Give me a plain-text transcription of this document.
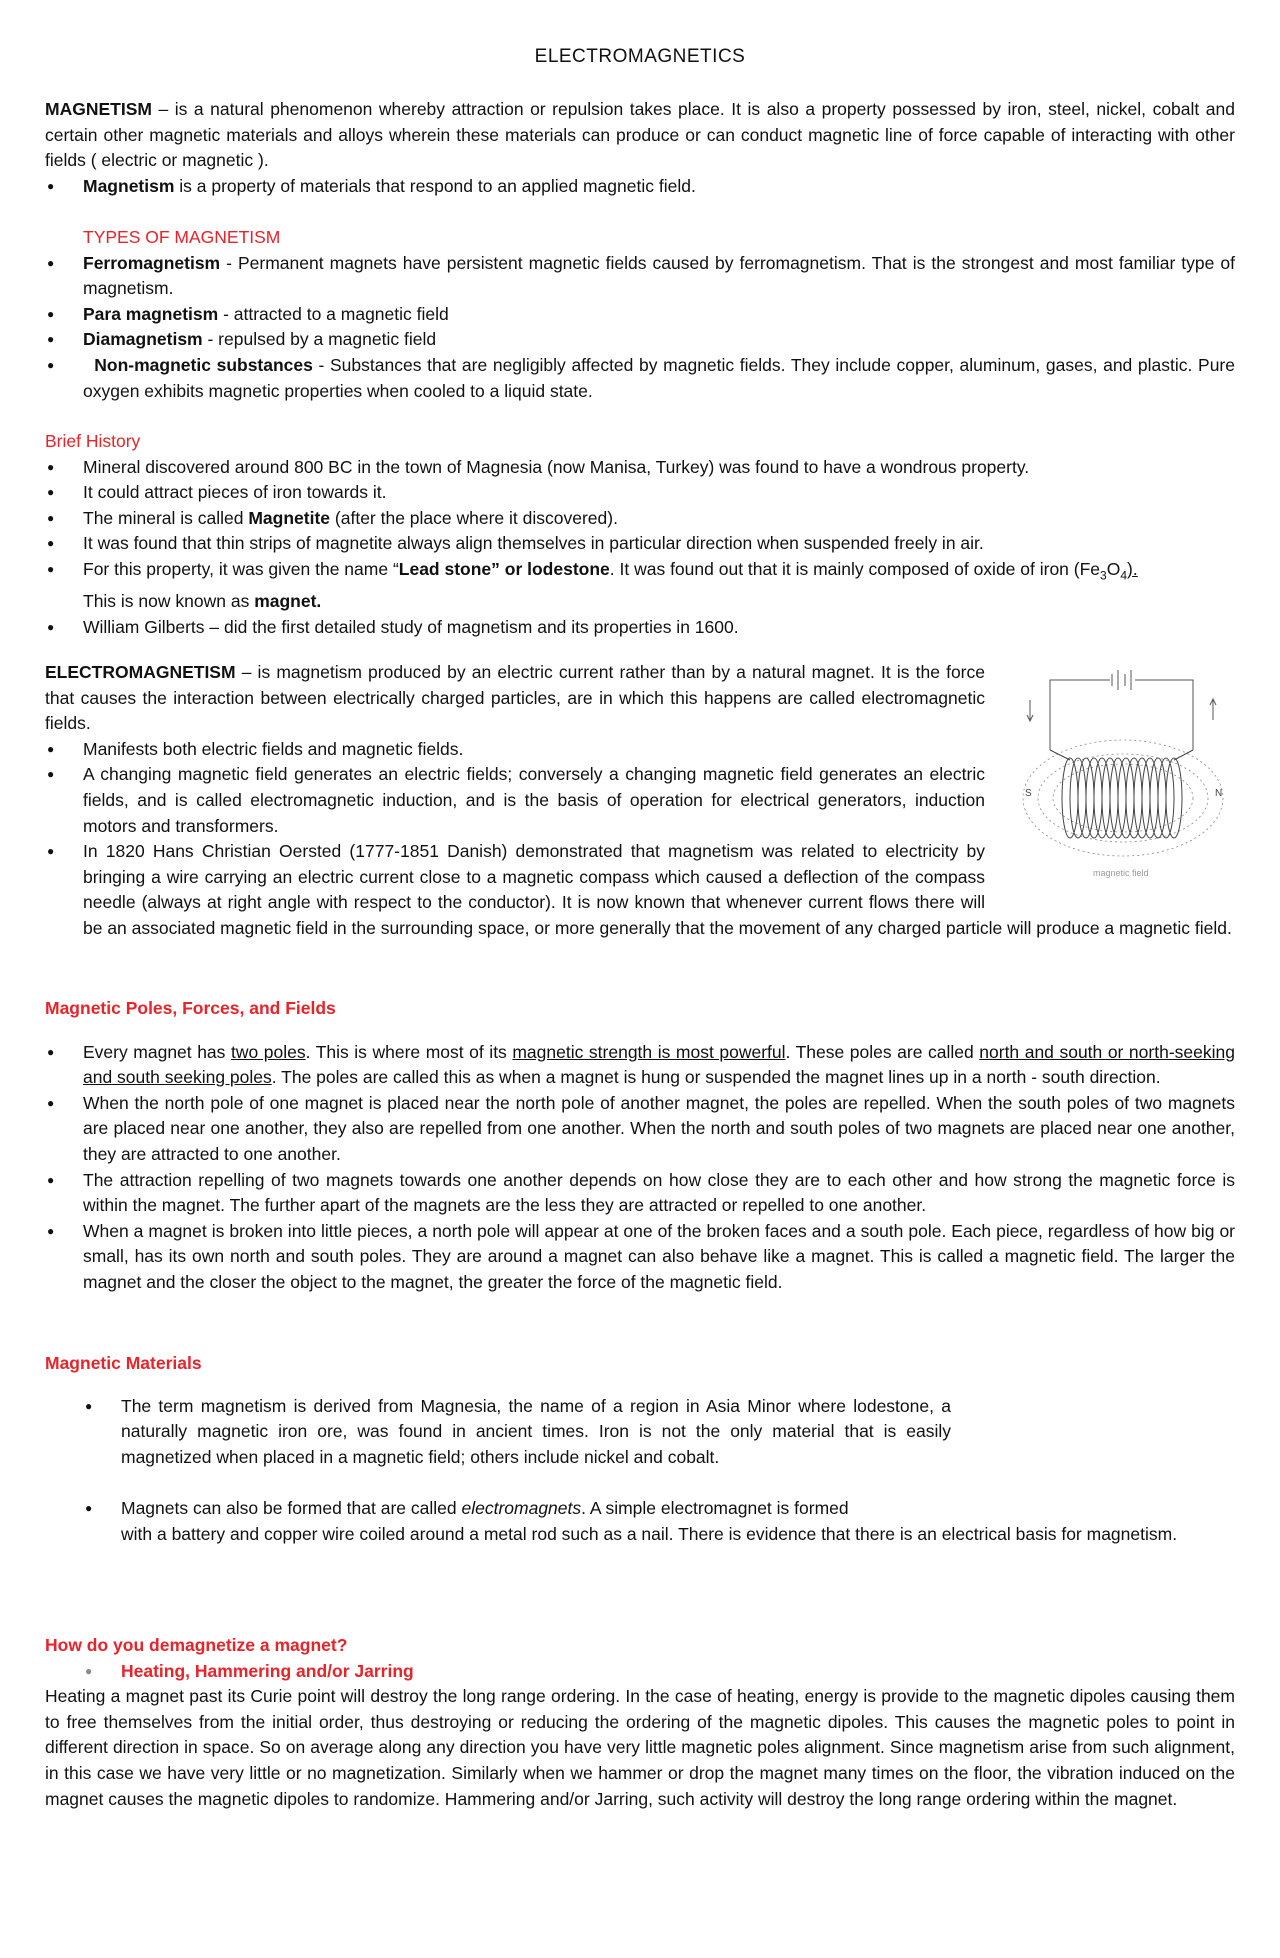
ELECTROMAGNETICS

MAGNETISM – is a natural phenomenon whereby attraction or repulsion takes place. It is also a property possessed by iron, steel, nickel, cobalt and certain other magnetic materials and alloys wherein these materials can produce or can conduct magnetic line of force capable of interacting with other fields ( electric or magnetic ).

● Magnetism is a property of materials that respond to an applied magnetic field.
TYPES OF MAGNETISM
● Ferromagnetism - Permanent magnets have persistent magnetic fields caused by ferromagnetism. That is the strongest and most familiar type of magnetism.
● Para magnetism - attracted to a magnetic field
● Diamagnetism - repulsed by a magnetic field
● Non-magnetic substances - Substances that are negligibly affected by magnetic fields. They include copper, aluminum, gases, and plastic. Pure oxygen exhibits magnetic properties when cooled to a liquid state.
Brief History
● Mineral discovered around 800 BC in the town of Magnesia (now Manisa, Turkey) was found to have a wondrous property.
● It could attract pieces of iron towards it.
● The mineral is called Magnetite (after the place where it discovered).
● It was found that thin strips of magnetite always align themselves in particular direction when suspended freely in air.
● For this property, it was given the name “Lead stone” or lodestone. It was found out that it is mainly composed of oxide of iron $(Fe_3O_4)$.
This is now known as magnet.
● William Gilberts – did the first detailed study of magnetism and its properties in 1600.

ELECTROMAGNETISM – is magnetism produced by an electric current rather than by a natural magnet. It is the force that causes the interaction between electrically charged particles, are in which this happens are called electromagnetic fields.

● Manifests both electric fields and magnetic fields.
● A changing magnetic field generates an electric fields; conversely a changing magnetic field generates an electric fields, and is called electromagnetic induction, and is the basis of operation for electrical generators, induction motors and transformers.
● In 1820 Hans Christian Oersted (1777-1851 Danish) demonstrated that magnetism was related to electricity by bringing a wire carrying an electric current close to a magnetic compass which caused a deflection of the compass needle (always at right angle with respect to the conductor). It is now known that whenever current flows there will be an associated magnetic field in the surrounding space, or more generally that the movement of any charged particle will produce a magnetic field.
Magnetic Poles, Forces, and Fields
● Every magnet has two poles. This is where most of its magnetic strength is most powerful. These poles are called north and south or north-seeking and south seeking poles. The poles are called this as when a magnet is hung or suspended the magnet lines up in a north - south direction.
● When the north pole of one magnet is placed near the north pole of another magnet, the poles are repelled. When the south poles of two magnets are placed near one another, they also are repelled from one another. When the north and south poles of two magnets are placed near one another, they are attracted to one another.
● The attraction repelling of two magnets towards one another depends on how close they are to each other and how strong the magnetic force is within the magnet. The further apart of the magnets are the less they are attracted or repelled to one another.
● When a magnet is broken into little pieces, a north pole will appear at one of the broken faces and a south pole. Each piece, regardless of how big or small, has its own north and south poles. They are around a magnet can also behave like a magnet. This is called a magnetic field. The larger the magnet and the closer the object to the magnet, the greater the force of the magnetic field.
Magnetic Materials
● The term magnetism is derived from Magnesia, the name of a region in Asia Minor where lodestone, a naturally magnetic iron ore, was found in ancient times. Iron is not the only material that is easily magnetized when placed in a magnetic field; others include nickel and cobalt.
● Magnets can also be formed that are called electromagnets. A simple electromagnet is formed
with a battery and copper wire coiled around a metal rod such as a nail. There is evidence that there is an electrical basis for magnetism.
How do you demagnetize a magnet?
● Heating, Hammering and/or Jarring

Heating a magnet past its Curie point will destroy the long range ordering. In the case of heating, energy is provide to the magnetic dipoles causing them to free themselves from the initial order, thus destroying or reducing the ordering of the magnetic dipoles. This causes the magnetic poles to point in different direction in space. So on average along any direction you have very little magnetic poles alignment. Since magnetism arise from such alignment, in this case we have very little or no magnetization. Similarly when we hammer or drop the magnet many times on the floor, the vibration induced on the magnet causes the magnetic dipoles to randomize. Hammering and/or Jarring, such activity will destroy the long range ordering within the magnet.

S	N
magnetic field
